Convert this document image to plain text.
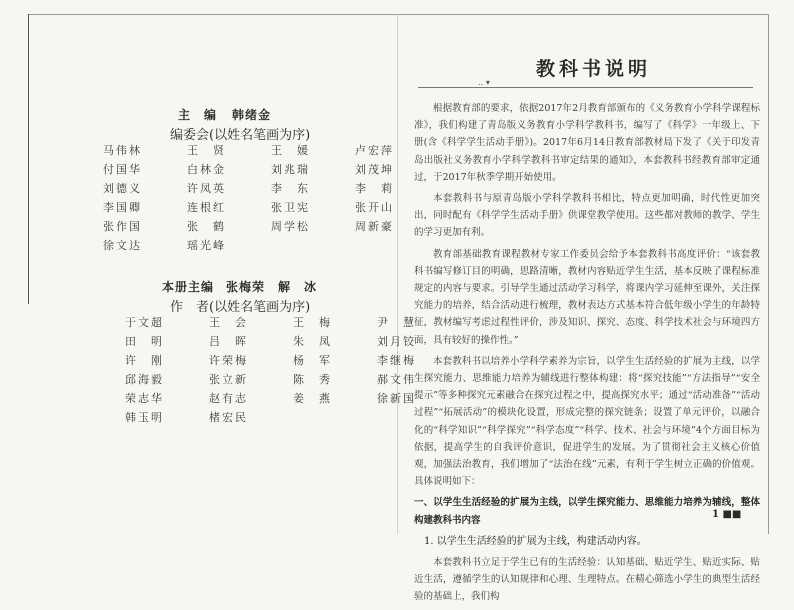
主　编 韩绪金
编委会(以姓名笔画为序)
马伟林	王　贤	王　媛	卢宏萍
付国华	白林金	刘兆瑞	刘茂坤
刘德义	许凤英	李　东	李　莉
李国卿	连根红	张卫宪	张开山
张作国	张　鹤	周学松	周新豪
徐文达	瑶光峰
本册主编 张梅荣　解　冰
作　者(以姓名笔画为序)
于文超	王　会	王　梅	尹　慧
田　明	吕　晖	朱　凤	刘月铰
许　刚	许荣梅	杨　军	李继梅
邱海毅	张立新	陈　秀	郝文伟
荣志华	赵有志	姜　燕	徐新国
韩玉明	楮宏民
教科书说明
‥ ▾

根据教育部的要求，依据2017年2月教育部颁布的《义务教育小学科学课程标准》，我们构建了青岛版义务教育小学科学教科书，编写了《科学》一年级上、下册(含《科学学生活动手册》)。2017年6月14日教育部教材局下发了《关于印发青岛出版社义务教育小学科学教科书审定结果的通知》，本套教科书经教育部审定通过，于2017年秋季学期开始使用。

本套教科书与原青岛版小学科学教科书相比，特点更加明确，时代性更加突出，同时配有《科学学生活动手册》供课堂教学使用。这些都对教师的教学、学生的学习更加有利。

教育部基础教育课程教材专家工作委员会给予本套教科书高度评价：“该套教科书编写修订目的明确，思路清晰，教材内容贴近学生生活，基本反映了课程标准规定的内容与要求。引导学生通过活动学习科学，将课内学习延伸至课外，关注探究能力的培养，结合活动进行梳理，教材表达方式基本符合低年级小学生的年龄特征，教材编写考虑过程性评价，涉及知识、探究、态度、科学技术社会与环境四方面，具有较好的操作性。”

本套教科书以培养小学科学素养为宗旨，以学生生活经验的扩展为主线，以学生探究能力、思维能力培养为辅线进行整体构建：将“探究技能”“方法指导”“安全提示”等多种探究元素融合在探究过程之中，提高探究水平；通过“活动准备”“活动过程”“拓展活动”的模块化设置，形成完整的探究链条；设置了单元评价，以融合化的“科学知识”“科学探究”“科学态度”“科学、技术、社会与环境”4个方面目标为依据，提高学生的自我评价意识，促进学生的发展。为了贯彻社会主义核心价值观，加强法治教育，我们增加了“法治在线”元素，有利于学生树立正确的价值观。具体说明如下：

一、以学生生活经验的扩展为主线，以学生探究能力、思维能力培养为辅线，整体构建教科书内容

1. 以学生生活经验的扩展为主线，构建活动内容。

本套教科书立足于学生已有的生活经验：认知基础、贴近学生、贴近实际、贴近生活，遵循学生的认知规律和心理、生理特点。在精心筛选小学生的典型生活经验的基础上，我们构

1 ■■
